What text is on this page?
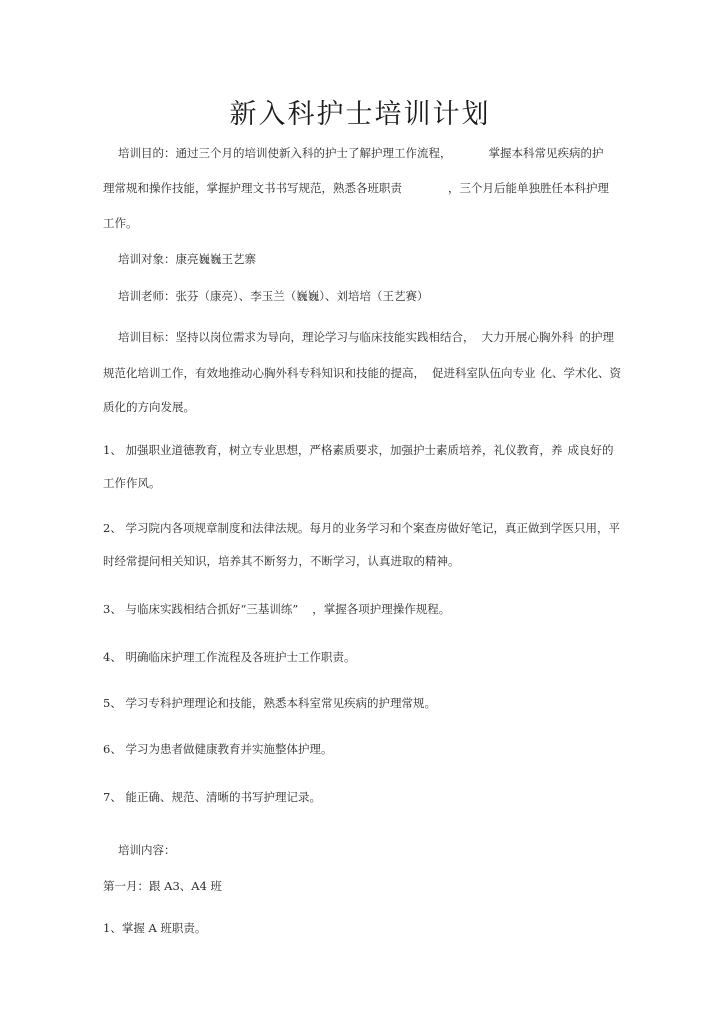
新入科护士培训计划

培训目的：通过三个月的培训使新入科的护士了解护理工作流程，	掌握本科常见疾病的护

理常规和操作技能，掌握护理文书书写规范，熟悉各班职责	，三个月后能单独胜任本科护理

工作。

培训对象：康亮巍巍王艺寨

培训老师：张芬（康亮）、李玉兰（巍巍）、刘培培（王艺赛）

培训目标：坚持以岗位需求为导向，理论学习与临床技能实践相结合， 大力开展心胸外科 的护理

规范化培训工作，有效地推动心胸外科专科知识和技能的提高， 促进科室队伍向专业 化、学术化、资

质化的方向发展。

1、 加强职业道德教育，树立专业思想，严格素质要求，加强护士素质培养，礼仪教育，养 成良好的

工作作风。

2、 学习院内各项规章制度和法律法规。每月的业务学习和个案查房做好笔记，真正做到学医只用，平

时经常提问相关知识，培养其不断努力，不断学习，认真进取的精神。

3、 与临床实践相结合抓好“三基训练” ，掌握各项护理操作规程。

4、 明确临床护理工作流程及各班护士工作职责。

5、 学习专科护理理论和技能，熟悉本科室常见疾病的护理常规。

6、 学习为患者做健康教育并实施整体护理。

7、 能正确、规范、清晰的书写护理记录。

培训内容：

第一月：跟 A3、A4 班

1、掌握 A 班职责。
